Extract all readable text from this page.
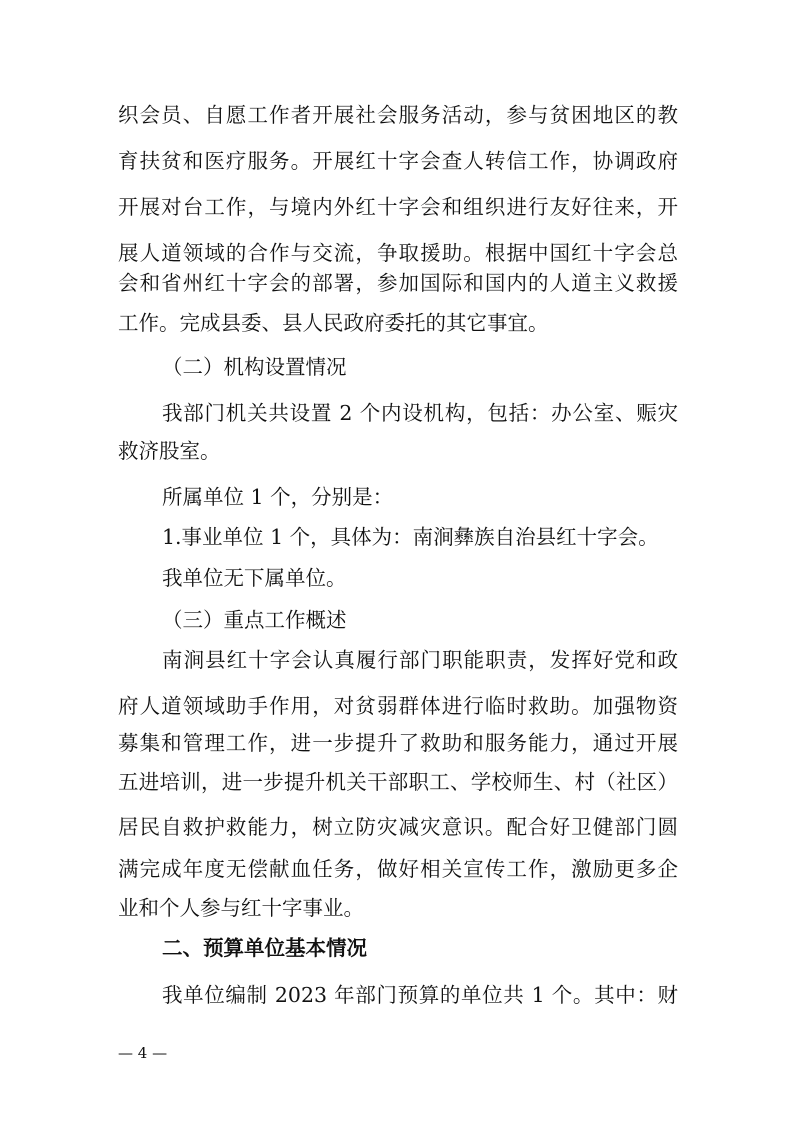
织会员、自愿工作者开展社会服务活动，参与贫困地区的教
育扶贫和医疗服务。开展红十字会查人转信工作，协调政府
开展对台工作，与境内外红十字会和组织进行友好往来，开
展人道领域的合作与交流，争取援助。根据中国红十字会总
会和省州红十字会的部署，参加国际和国内的人道主义救援
工作。完成县委、县人民政府委托的其它事宜。
（二）机构设置情况
我部门机关共设置 2 个内设机构，包括：办公室、赈灾
救济股室。
所属单位 1 个，分别是：
1.事业单位 1 个，具体为：南涧彝族自治县红十字会。
我单位无下属单位。
（三）重点工作概述
南涧县红十字会认真履行部门职能职责，发挥好党和政
府人道领域助手作用，对贫弱群体进行临时救助。加强物资
募集和管理工作，进一步提升了救助和服务能力，通过开展
五进培训，进一步提升机关干部职工、学校师生、村（社区）
居民自救护救能力，树立防灾减灾意识。配合好卫健部门圆
满完成年度无偿献血任务，做好相关宣传工作，激励更多企
业和个人参与红十字事业。
二、预算单位基本情况
我单位编制 2023 年部门预算的单位共 1 个。其中：财
— 4 —
